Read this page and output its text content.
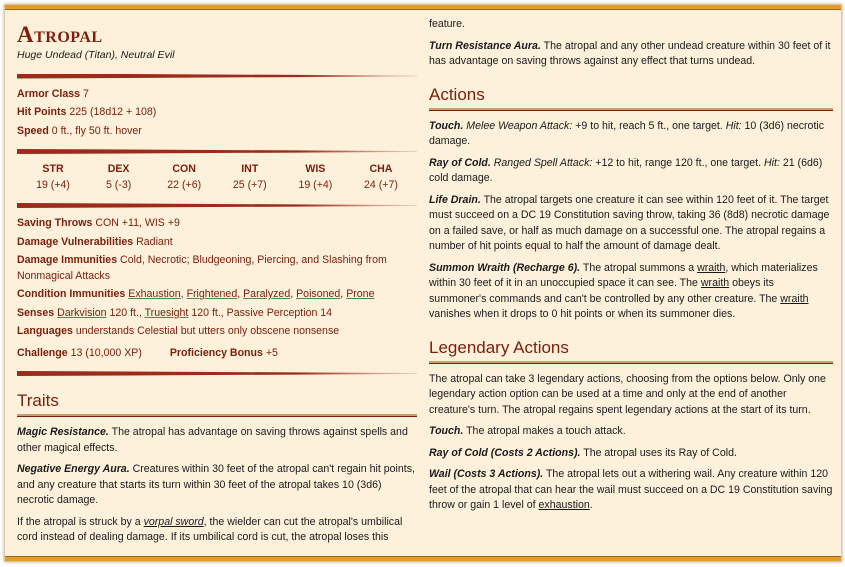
Atropal
Huge Undead (Titan), Neutral Evil
Armor Class 7
Hit Points 225 (18d12 + 108)
Speed 0 ft., fly 50 ft. hover
STR
19 (+4)
DEX
5 (-3)
CON
22 (+6)
INT
25 (+7)
WIS
19 (+4)
CHA
24 (+7)
Saving Throws CON +11, WIS +9
Damage Vulnerabilities Radiant
Damage Immunities Cold, Necrotic; Bludgeoning, Piercing, and Slashing from Nonmagical Attacks
Condition Immunities Exhaustion, Frightened, Paralyzed, Poisoned, Prone
Senses Darkvision 120 ft., Truesight 120 ft., Passive Perception 14
Languages understands Celestial but utters only obscene nonsense
Challenge 13 (10,000 XP)	Proficiency Bonus +5
Traits

Magic Resistance. The atropal has advantage on saving throws against spells and other magical effects.

Negative Energy Aura. Creatures within 30 feet of the atropal can't regain hit points, and any creature that starts its turn within 30 feet of the atropal takes 10 (3d6) necrotic damage.

If the atropal is struck by a vorpal sword, the wielder can cut the atropal's umbilical cord instead of dealing damage. If its umbilical cord is cut, the atropal loses this

feature.

Turn Resistance Aura. The atropal and any other undead creature within 30 feet of it has advantage on saving throws against any effect that turns undead.

Actions

Touch. Melee Weapon Attack: +9 to hit, reach 5 ft., one target. Hit: 10 (3d6) necrotic damage.

Ray of Cold. Ranged Spell Attack: +12 to hit, range 120 ft., one target. Hit: 21 (6d6) cold damage.

Life Drain. The atropal targets one creature it can see within 120 feet of it. The target must succeed on a DC 19 Constitution saving throw, taking 36 (8d8) necrotic damage on a failed save, or half as much damage on a successful one. The atropal regains a number of hit points equal to half the amount of damage dealt.

Summon Wraith (Recharge 6). The atropal summons a wraith, which materializes within 30 feet of it in an unoccupied space it can see. The wraith obeys its summoner's commands and can't be controlled by any other creature. The wraith vanishes when it drops to 0 hit points or when its summoner dies.

Legendary Actions

The atropal can take 3 legendary actions, choosing from the options below. Only one legendary action option can be used at a time and only at the end of another creature's turn. The atropal regains spent legendary actions at the start of its turn.

Touch. The atropal makes a touch attack.

Ray of Cold (Costs 2 Actions). The atropal uses its Ray of Cold.

Wail (Costs 3 Actions). The atropal lets out a withering wail. Any creature within 120 feet of the atropal that can hear the wail must succeed on a DC 19 Constitution saving throw or gain 1 level of exhaustion.
